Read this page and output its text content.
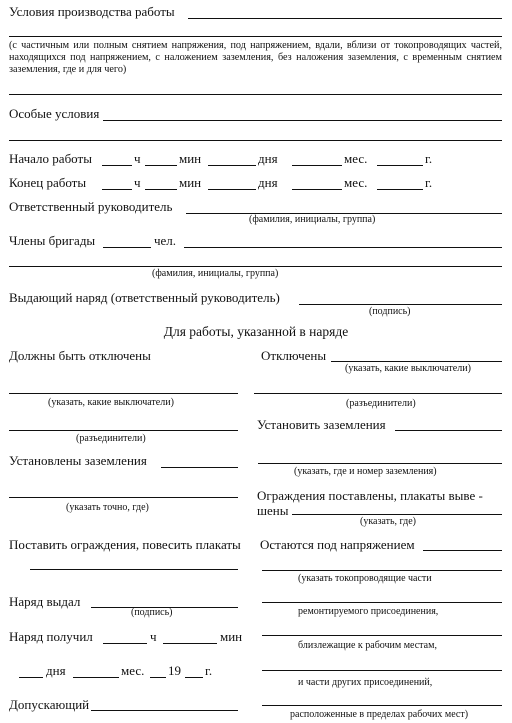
Условия производства работы
(с частичным или полным снятием напряжения, под напряжением, вдали, вблизи от токопроводящих частей, находящихся под напряжением, с наложением заземления, без наложения заземления, с временным снятием заземления, где и для чего)
Особые условия
Начало работы	ч	мин	дня	мес.	г.
Конец работы	ч	мин	дня	мес.	г.
Ответственный руководитель
(фамилия, инициалы, группа)
Члены бригады	чел.
(фамилия, инициалы, группа)
Выдающий наряд (ответственный руководитель)
(подпись)
Для работы, указанной в наряде
Должны быть отключены
(указать, какие выключатели)
(разъединители)
Установлены заземления
(указать точно, где)
Поставить ограждения, повесить плакаты
Наряд выдал
(подпись)
Наряд получил	ч	мин
дня	мес. 19 г.
Допускающий
Отключены
(указать, какие выключатели)
(разъединители)
Установить заземления
(указать, где и номер заземления)
Ограждения поставлены, плакаты выве -
шены
(указать, где)
Остаются под напряжением
(указать токопроводящие части
ремонтируемого присоединения,
близлежащие к рабочим местам,
и части других присоединений,
расположенные в пределах рабочих мест)
